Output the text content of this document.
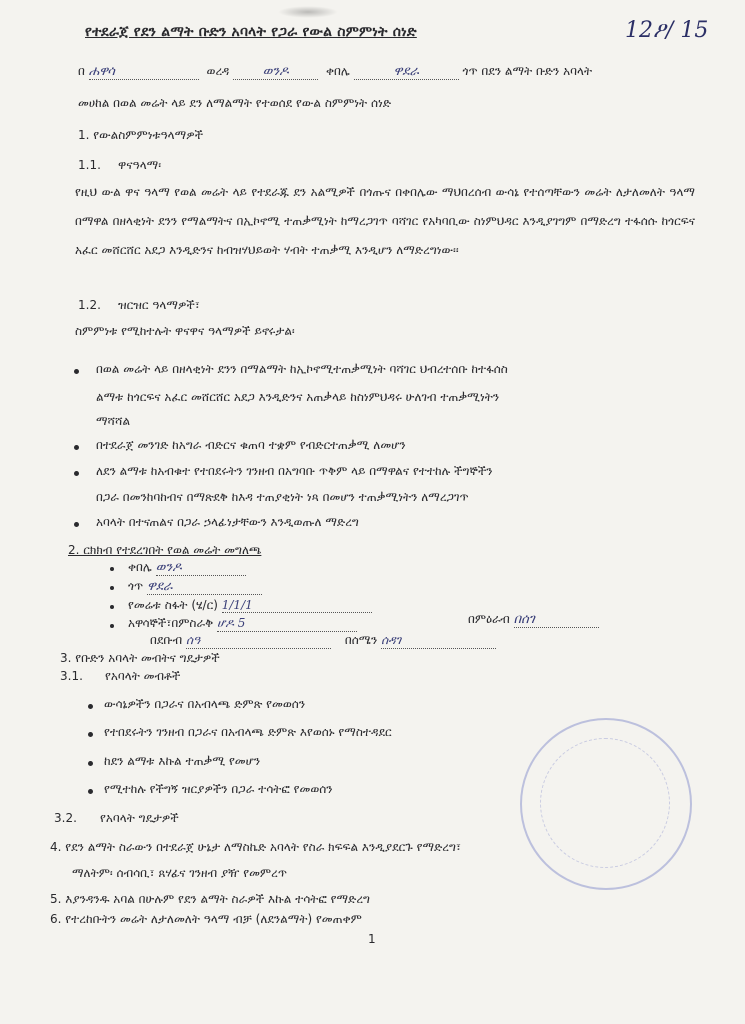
የተደራጀ የደን ልማት ቡድን አባላት የጋራ የውል ስምምነት ሰነድ	12ዖ/ 15
በ ሐዋሳ	ወረዳ	ወንዶ	ቀበሌ	ዋደራ	ጎጥ በደን ልማት ቡድን አባላት
መሀከል በወል መሬት ላይ ደን ለማልማት የተወሰደ የውል ስምምነት ሰነድ
1. የውልስምምነቱዓላማዎች
1.1. ዋናዓላማ፡
የዚህ ውል ዋና ዓላማ የወል መሬት ላይ የተደራጁ ደን አልሚዎች በጎጡና በቀበሌው ማህበረሰብ ውሳኔ የተሰጣቸውን መሬት ለታለመለት ዓላማ በማዋል በዘላቂነት ደንን የማልማትና በኢኮኖሚ ተጠቃሚነት ከማረጋገጥ ባሻገር የአካባቢው ስነምህዳር እንዲያገግም በማድረግ ተፋሰሱ ከጎርፍና አፈር መሸርሸር አደጋ እንዲድንና ከብዝሃህይወት ሃብት ተጠቃሚ እንዲሆን ለማድረግነው፡፡
1.2. ዝርዝር ዓላማዎች፣
ስምምነቱ የሚከተሉት ዋናዋና ዓላማዎች ይኖሩታል፡
በወል መሬት ላይ በዘላቂነት ደንን በማልማት ከኢኮኖሚተጠቃሚነት ባሻገር ህብረተሰቡ ከተፋሰስ
ልማቱ ከጎርፍና አፈር መሸርሸር አደጋ እንዲድንና አጠቃላይ ከስነምህዳሩ ሁለገብ ተጠቃሚነትን
ማሻሻል
በተደራጀ መንገድ ከአግራ ብድርና ቁጠባ ተቋም የብድርተጠቃሚ ለመሆን
ለደን ልማቱ ከአብቁተ የተበደሩትን ገንዘብ በአግባቡ ጥቅም ላይ በማዋልና የተተከሉ ችግኞችን
በጋራ በመንከባከብና በማጽደቅ ከእዳ ተጠያቂነት ነጻ በመሆን ተጠቃሚነትን ለማረጋገጥ
አባላት በተናጠልና በጋራ ኃላፊነታቸውን እንዲወጡለ ማድረግ
2. ርክክብ የተደረገበት የወል መሬት መግለጫ
ቀበሌ ወንዶ
ጎጥ ዋደራ
የመሬቱ ስፋት (ሄ/ር) 1/1/1
አዋሳኞች፣በምስራቅ ሆዶ 5	በምዕራብ በሰገ
በደቡብ ሰዓ	በሰሜን ሰዳገ
3. የቡድን አባላት መብትና ግዴታዎች
3.1. የአባላት መብቶች
ውሳኔዎችን በጋራና በአብላጫ ድምጽ የመወሰን
የተበደሩትን ገንዘብ በጋራና በአብላጫ ድምጽ እየወሰኑ የማስተዳደር
ከደን ልማቱ እኩል ተጠቃሚ የመሆን
የሚተከሉ የችግኝ ዝርያዎችን በጋራ ተሳትፎ የመወሰን
3.2. የአባላት ግዴታዎች
4. የደን ልማት ስራውን በተደራጀ ሁኔታ ለማስኬድ አባላት የስራ ክፍፍል እንዲያደርጉ የማድረግ፣
ማለትም፡ ሰብሳቢ፣ ጸሃፊና ገንዘብ ያዥ የመምረጥ
5. እያንዳንዱ አባል በሁሉም የደን ልማት ስራዎች እኩል ተሳትፎ የማድረግ
6. የተረከቡትን መሬት ለታለመለት ዓላማ ብቻ (ለደንልማት) የመጠቀም
1
